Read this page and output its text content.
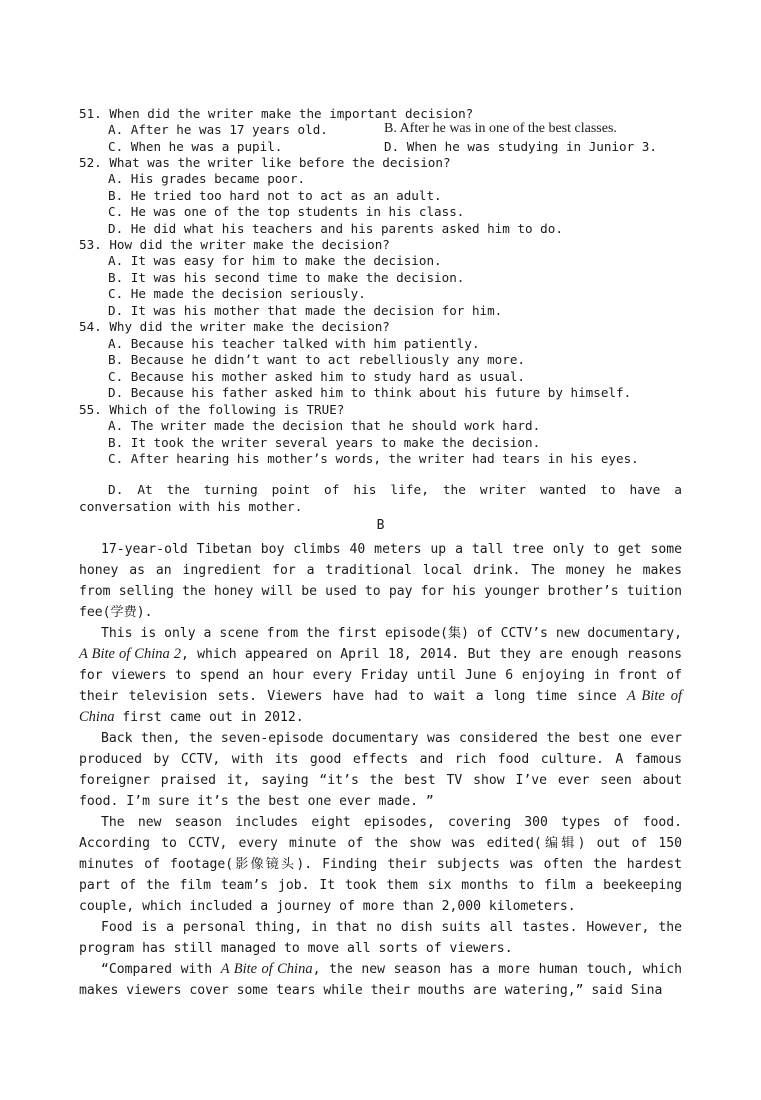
51. When did the writer make the important decision?
A. After he was 17 years old.	B. After he was in one of the best classes.
C. When he was a pupil.	D. When he was studying in Junior 3.
52. What was the writer like before the decision?
A. His grades became poor.
B. He tried too hard not to act as an adult.
C. He was one of the top students in his class.
D. He did what his teachers and his parents asked him to do.
53. How did the writer make the decision?
A. It was easy for him to make the decision.
B. It was his second time to make the decision.
C. He made the decision seriously.
D. It was his mother that made the decision for him.
54. Why did the writer make the decision?
A. Because his teacher talked with him patiently.
B. Because he didn’t want to act rebelliously any more.
C. Because his mother asked him to study hard as usual.
D. Because his father asked him to think about his future by himself.
55. Which of the following is TRUE?
A. The writer made the decision that he should work hard.
B. It took the writer several years to make the decision.
C. After hearing his mother’s words, the writer had tears in his eyes.
D. At the turning point of his life, the writer wanted to have a conversation with his mother.
B

17-year-old Tibetan boy climbs 40 meters up a tall tree only to get some honey as an ingredient for a traditional local drink. The money he makes from selling the honey will be used to pay for his younger brother’s tuition fee(学费).

This is only a scene from the first episode(集) of CCTV’s new documentary, A Bite of China 2, which appeared on April 18, 2014. But they are enough reasons for viewers to spend an hour every Friday until June 6 enjoying in front of their television sets. Viewers have had to wait a long time since A Bite of China first came out in 2012.

Back then, the seven-episode documentary was considered the best one ever produced by CCTV, with its good effects and rich food culture. A famous foreigner praised it, saying “it’s the best TV show I’ve ever seen about food. I’m sure it’s the best one ever made. ”

The new season includes eight episodes, covering 300 types of food. According to CCTV, every minute of the show was edited(编辑) out of 150 minutes of footage(影像镜头). Finding their subjects was often the hardest part of the film team’s job. It took them six months to film a beekeeping couple, which included a journey of more than 2,000 kilometers.

Food is a personal thing, in that no dish suits all tastes. However, the program has still managed to move all sorts of viewers.

“Compared with A Bite of China, the new season has a more human touch, which makes viewers cover some tears while their mouths are watering,” said Sina
